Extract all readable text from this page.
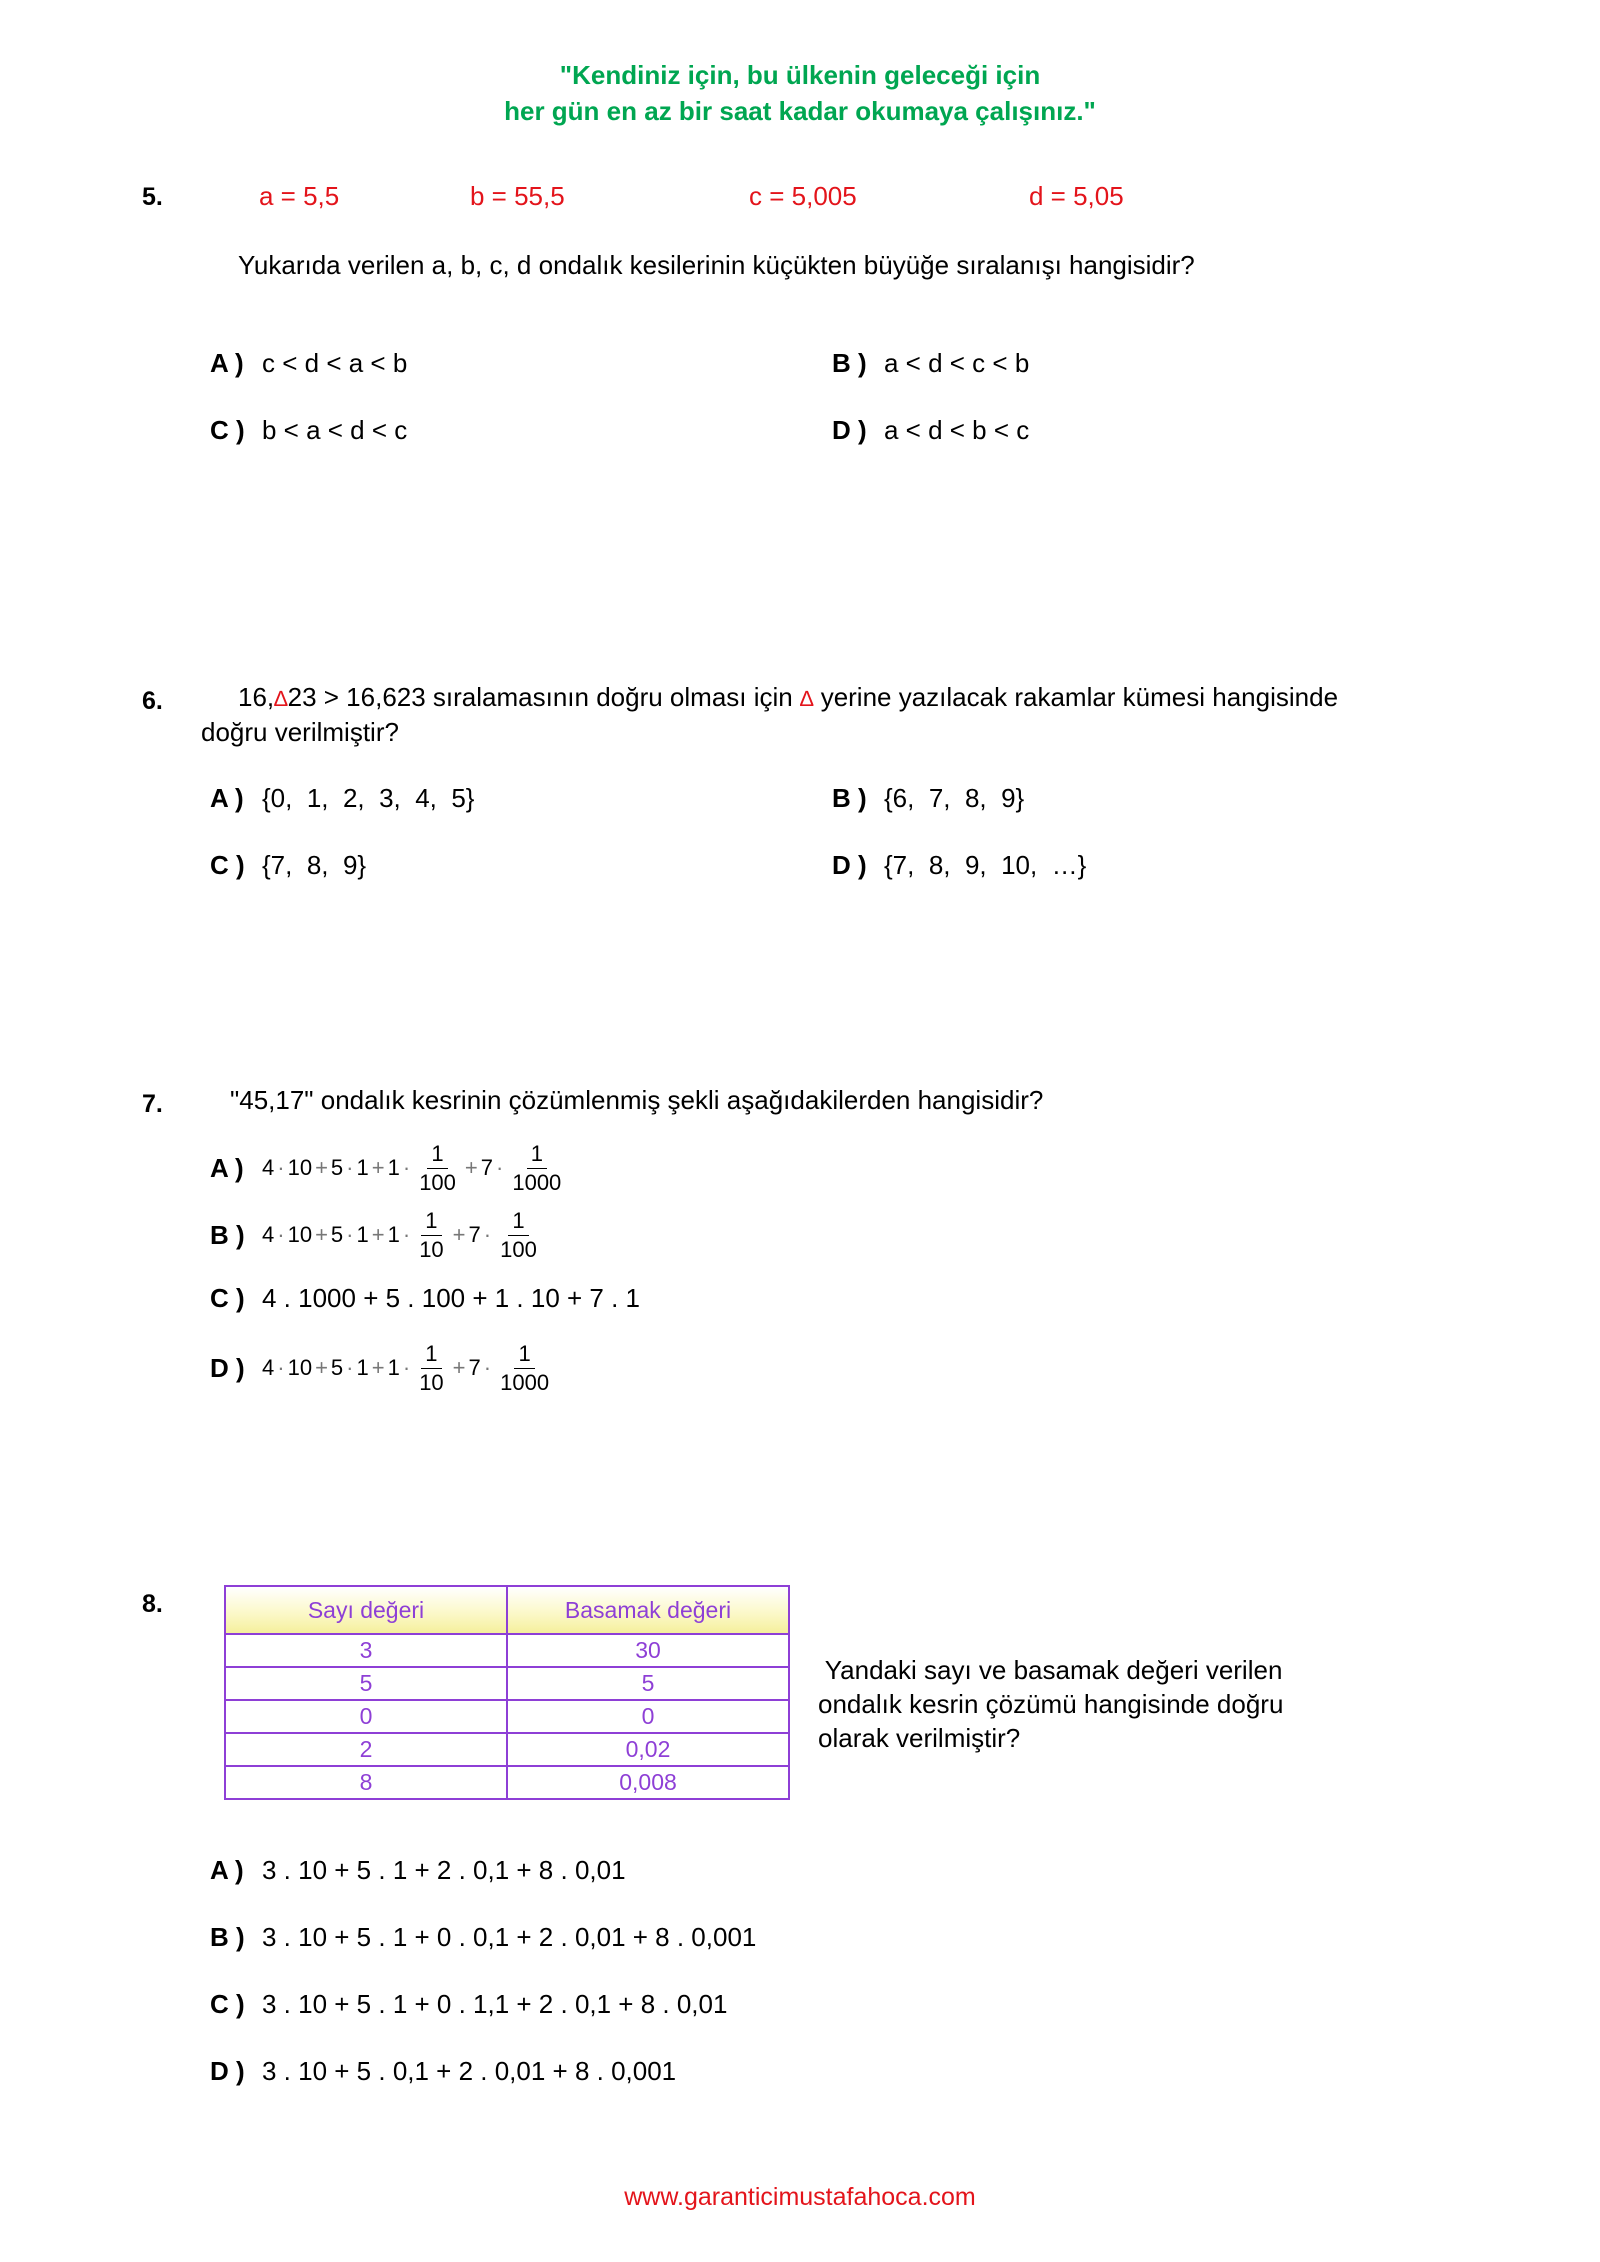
"Kendiniz için, bu ülkenin geleceği için
her gün en az bir saat kadar okumaya çalışınız."
5.	a = 5,5	b = 55,5	c = 5,005	d = 5,05
Yukarıda verilen a, b, c, d ondalık kesilerinin küçükten büyüğe sıralanışı hangisidir?
A ) c < d < a < b	B ) a < d < c < b
C ) b < a < d < c	D ) a < d < b < c
6.	16,∆23 > 16,623 sıralamasının doğru olması için ∆ yerine yazılacak rakamlar kümesi hangisinde
doğru verilmiştir?
A ) {0,  1,  2,  3,  4,  5}	B ) {6,  7,  8,  9}
C ) {7,  8,  9}	D ) {7,  8,  9,  10,  …}
7.	"45,17" ondalık kesrinin çözümlenmiş şekli aşağıdakilerden hangisidir?
A ) $4 \cdot 10 + 5 \cdot 1 + 1 \cdot \frac{1}{100} + 7 \cdot \frac{1}{1000}$
B ) $4 \cdot 10 + 5 \cdot 1 + 1 \cdot \frac{1}{10} + 7 \cdot \frac{1}{100}$
C ) 4 . 1000 + 5 . 100 + 1 . 10 + 7 . 1
D ) $4 \cdot 10 + 5 \cdot 1 + 1 \cdot \frac{1}{10} + 7 \cdot \frac{1}{1000}$
8.	Sayı değeri	Basamak değeri
3	30
5	5
0	0
2	0,02
8	0,008
Yandaki sayı ve basamak değeri verilen
ondalık kesrin çözümü hangisinde doğru
olarak verilmiştir?
A ) 3 . 10 + 5 . 1 + 2 . 0,1 + 8 . 0,01
B ) 3 . 10 + 5 . 1 + 0 . 0,1 + 2 . 0,01 + 8 . 0,001
C ) 3 . 10 + 5 . 1 + 0 . 1,1 + 2 . 0,1 + 8 . 0,01
D ) 3 . 10 + 5 . 0,1 + 2 . 0,01 + 8 . 0,001
www.garanticimustafahoca.com
